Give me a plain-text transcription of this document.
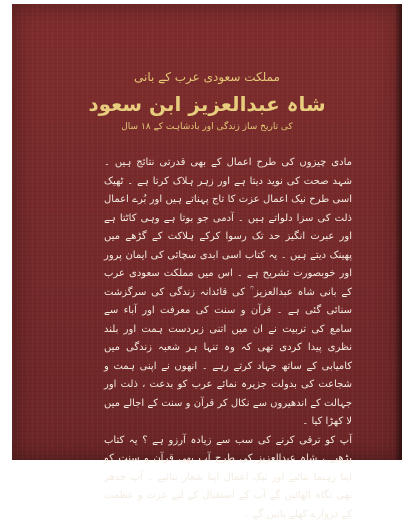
مملکت سعودی عرب کے بانی
شاہ عبدالعزیز ابن سعود
کی تاریخ ساز زندگی اور بادشاہت کے ۱۸ سال

مادی چیزوں کی طرح اعمال کے بھی قدرتی نتائج ہیں ۔ شہد صحت کی نوید دیتا ہے اور زہر ہلاک کرتا ہے ۔ ٹھیک اسی طرح نیک اعمال عزت کا تاج پہناتے ہیں اور بُرے اعمال ذلت کی سزا دلواتے ہیں ۔ آدمی جو بوتا ہے وہی کاٹتا ہے اور عبرت انگیز حد تک رسوا کرکے ہلاکت کے گڑھے میں پھینک دیتے ہیں ۔ یہ کتاب اسی ابدی سچائی کی ایمان پرور اور خوبصورت تشریح ہے ۔ اس میں مملکت سعودی عرب کے بانی شاہ عبدالعزیز ؒ کی قائدانہ زندگی کی سرگزشت سنائی گئی ہے ۔ قرآن و سنت کی معرفت اور آباء سے سامع کی تربیت نے ان میں اتنی زبردست ہمت اور بلند نظری پیدا کردی تھی کہ وہ تنہا ہر شعبہ زندگی میں کامیابی کے ساتھ جہاد کرتے رہے ۔ انھوں نے اپنی ہمت و شجاعت کی بدولت جزیرہ نمائے عرب کو بدعت ، ذلت اور جہالت کے اندھیروں سے نکال کر قرآن و سنت کے اجالے میں لا کھڑا کیا ۔

آپ کو ترقی کرنے کی سب سے زیادہ آرزو ہے ؟ یہ کتاب پڑھیے ، شاہ عبدالعزیز کی طرح آپ بھی قرآن و سنت کو اپنا رہنما بنائیے اور نیک اعمال اپنا شعار بنائیے ۔ آپ جدھر بھی نگاہ اٹھائیں گے آپ کے استقبال کے لیے عزت و عظمت کے دروازے کھلے پائیں گے ۔
